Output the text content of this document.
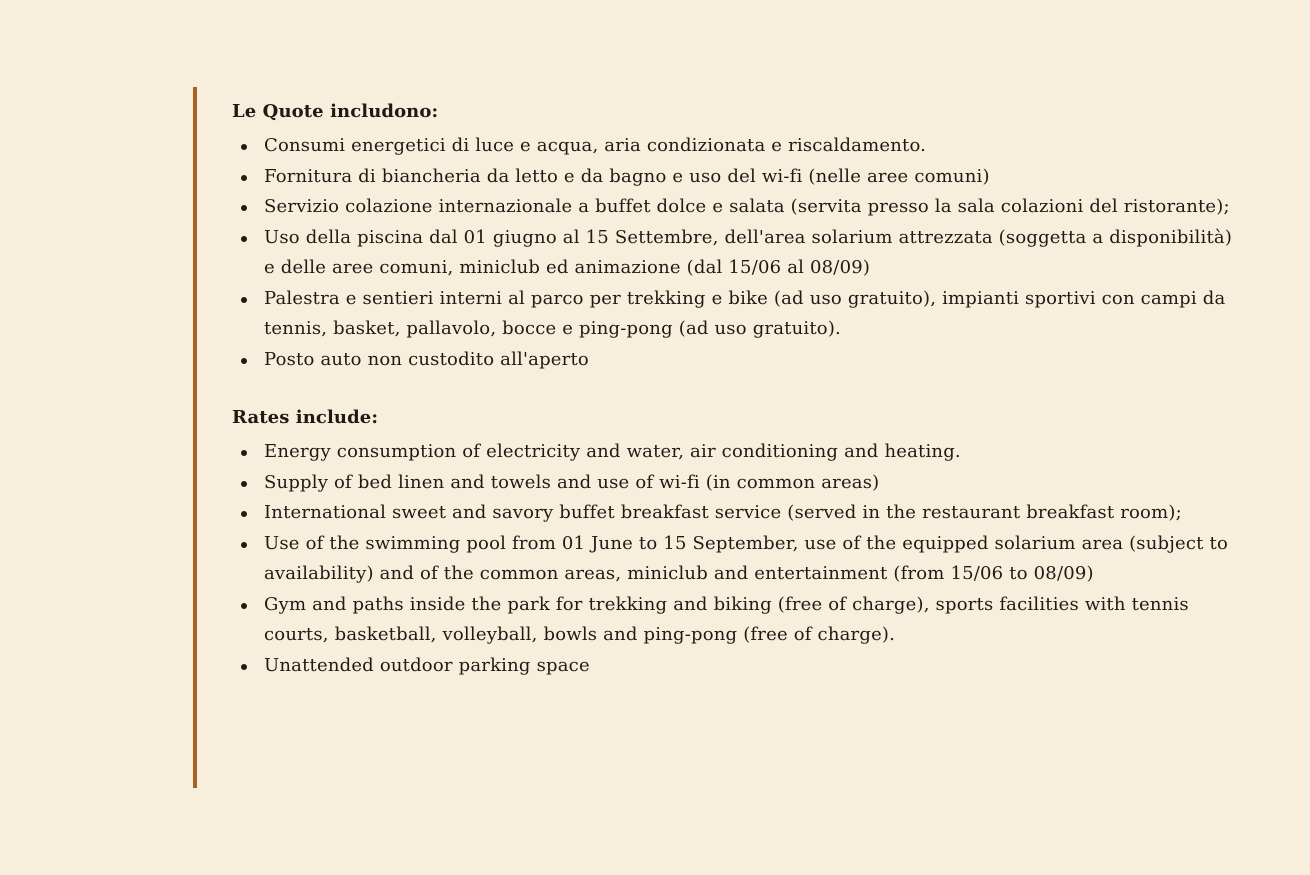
Le Quote includono:
Consumi energetici di luce e acqua, aria condizionata e riscaldamento.
Fornitura di biancheria da letto e da bagno e uso del wi-fi (nelle aree comuni)
Servizio colazione internazionale a buffet dolce e salata (servita presso la sala colazioni del ristorante);
Uso della piscina dal 01 giugno al 15 Settembre, dell'area solarium attrezzata (soggetta a disponibilità) e delle aree comuni, miniclub ed animazione (dal 15/06 al 08/09)
Palestra e sentieri interni al parco per trekking e bike (ad uso gratuito), impianti sportivi con campi da tennis, basket, pallavolo, bocce e ping-pong (ad uso gratuito).
Posto auto non custodito all'aperto
Rates include:
Energy consumption of electricity and water, air conditioning and heating.
Supply of bed linen and towels and use of wi-fi (in common areas)
International sweet and savory buffet breakfast service (served in the restaurant breakfast room);
Use of the swimming pool from 01 June to 15 September, use of the equipped solarium area (subject to availability) and of the common areas, miniclub and entertainment (from 15/06 to 08/09)
Gym and paths inside the park for trekking and biking (free of charge), sports facilities with tennis courts, basketball, volleyball, bowls and ping-pong (free of charge).
Unattended outdoor parking space
